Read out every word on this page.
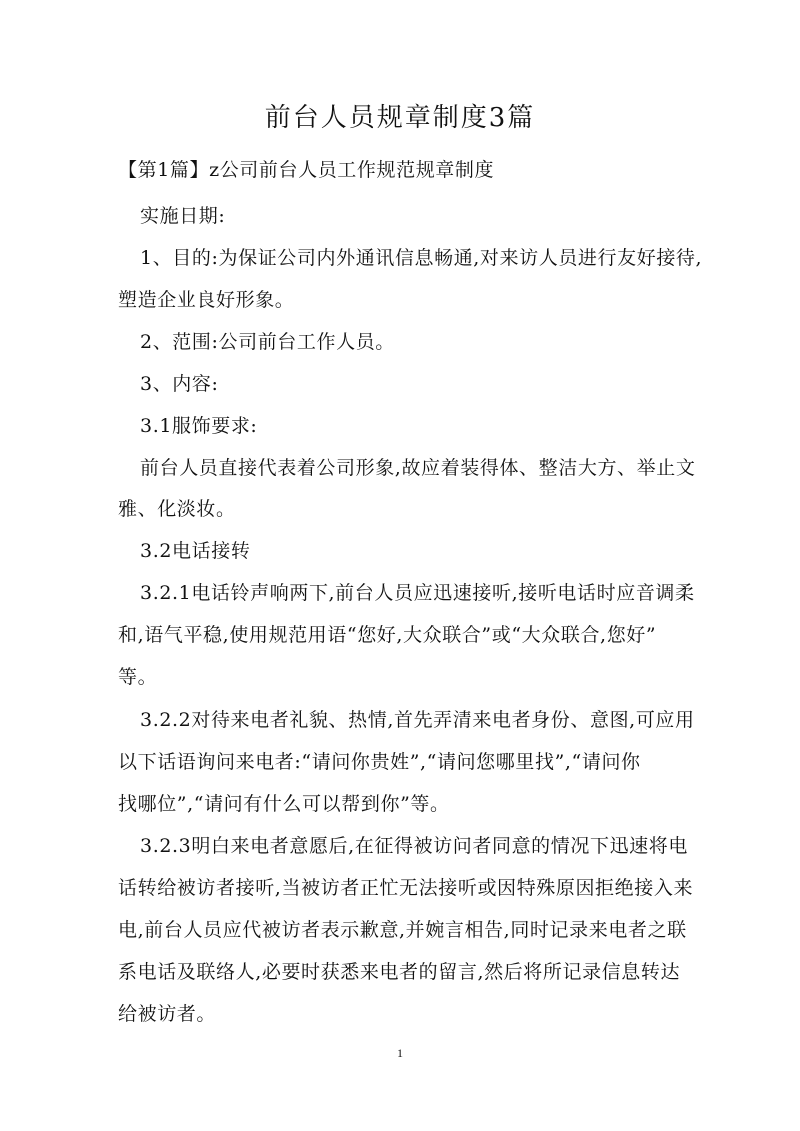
前台人员规章制度3篇
【第1篇】z公司前台人员工作规范规章制度
实施日期:
1、目的:为保证公司内外通讯信息畅通,对来访人员进行友好接待,
塑造企业良好形象。
2、范围:公司前台工作人员。
3、内容:
3.1服饰要求:
前台人员直接代表着公司形象,故应着装得体、整洁大方、举止文
雅、化淡妆。
3.2电话接转
3.2.1电话铃声响两下,前台人员应迅速接听,接听电话时应音调柔
和,语气平稳,使用规范用语“您好,大众联合”或“大众联合,您好”
等。
3.2.2对待来电者礼貌、热情,首先弄清来电者身份、意图,可应用
以下话语询问来电者:“请问你贵姓”,“请问您哪里找”,“请问你
找哪位”,“请问有什么可以帮到你”等。
3.2.3明白来电者意愿后,在征得被访问者同意的情况下迅速将电
话转给被访者接听,当被访者正忙无法接听或因特殊原因拒绝接入来
电,前台人员应代被访者表示歉意,并婉言相告,同时记录来电者之联
系电话及联络人,必要时获悉来电者的留言,然后将所记录信息转达
给被访者。
1
